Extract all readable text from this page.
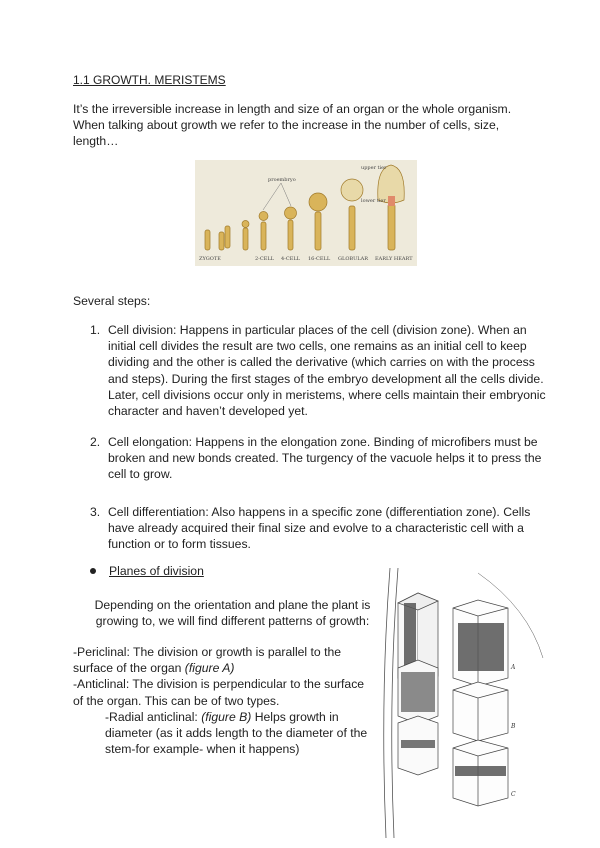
1.1 GROWTH. MERISTEMS
It’s the irreversible increase in length and size of an organ or the whole organism. When talking about growth we refer to the increase in the number of cells, size, length…
proembryo
upper tier
lower tier
ZYGOTE	2-CELL 4-CELL 16-CELL GLOBULAR EARLY HEART
Several steps:
1. Cell division: Happens in particular places of the cell (division zone). When an initial cell divides the result are two cells, one remains as an initial cell to keep dividing and the other is called the derivative (which carries on with the process and steps). During the first stages of the embryo development all the cells divide. Later, cell divisions occur only in meristems, where cells maintain their embryonic character and haven’t developed yet.
2. Cell elongation: Happens in the elongation zone. Binding of microfibers must be broken and new bonds created. The turgency of the vacuole helps it to press the cell to grow.
3. Cell differentiation: Also happens in a specific zone (differentiation zone). Cells have already acquired their final size and evolve to a characteristic cell with a function or to form tissues.
Planes of division
Depending on the orientation and plane the plant is growing to, we will find different patterns of growth:
-Periclinal: The division or growth is parallel to the surface of the organ (figure A)
-Anticlinal: The division is perpendicular to the surface of the organ. This can be of two types.
-Radial anticlinal: (figure B) Helps growth in diameter (as it adds length to the diameter of the stem-for example- when it happens)
A
B
C
